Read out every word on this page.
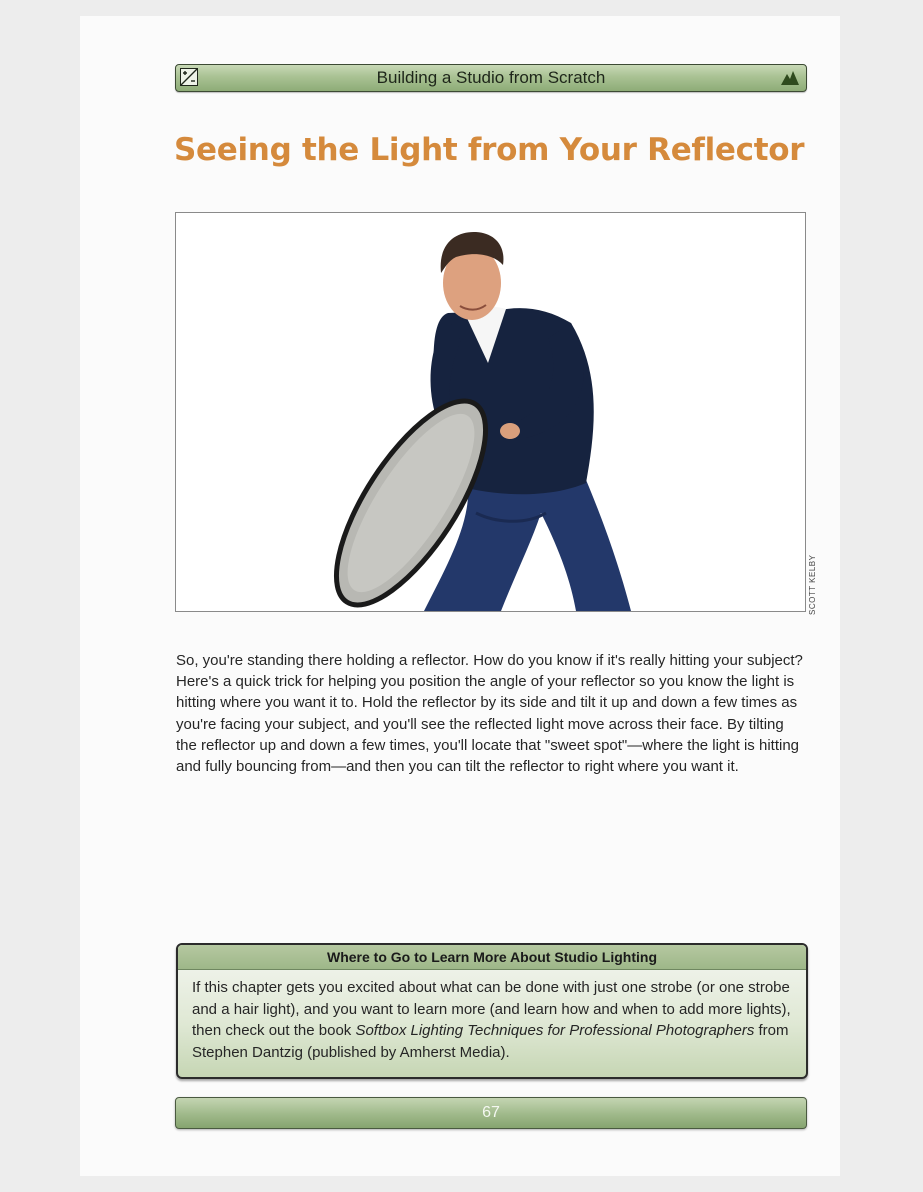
Building a Studio from Scratch
Seeing the Light from Your Reflector
SCOTT KELBY

So, you're standing there holding a reflector. How do you know if it's really hitting your subject? Here's a quick trick for helping you position the angle of your reflector so you know the light is hitting where you want it to. Hold the reflector by its side and tilt it up and down a few times as you're facing your subject, and you'll see the reflected light move across their face. By tilting the reflector up and down a few times, you'll locate that "sweet spot"—where the light is hitting and fully bouncing from—and then you can tilt the reflector to right where you want it.

Where to Go to Learn More About Studio Lighting

If this chapter gets you excited about what can be done with just one strobe (or one strobe and a hair light), and you want to learn more (and learn how and when to add more lights), then check out the book Softbox Lighting Techniques for Professional Photographers from Stephen Dantzig (published by Amherst Media).

67
